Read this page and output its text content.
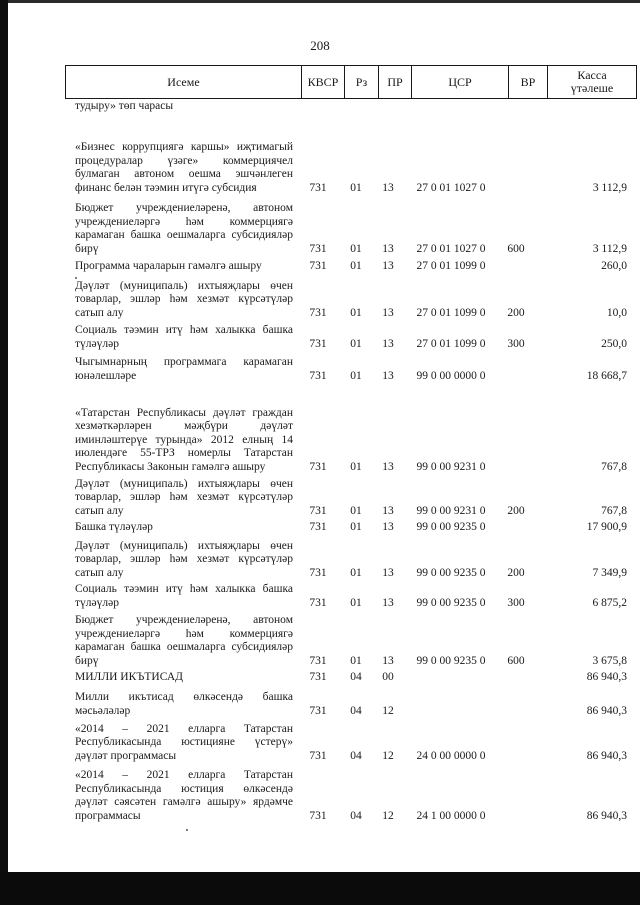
208
Исеме	КВСР	Рз	ПР	ЦСР	ВР	Касса
үтәлеше
тудыру» төп чарасы
«Бизнес коррупциягә каршы» иҗтимагый процедуралар үзәге» коммерциячел булмаган автоном оешма эшчәнлеген финанс белән тәэмин итүгә субсидия	731	01	13	27 0 01 1027 0	3 112,9
Бюджет учреждениеләренә, автоном учреждениеләргә һәм коммерциягә карамаган башка оешмаларга субсидияләр бирү	731	01	13	27 0 01 1027 0	600	3 112,9
Программа чараларын гамәлгә ашыру	731	01	13	27 0 01 1099 0	260,0
Дәүләт (муниципаль) ихтыяҗлары өчен товарлар, эшләр һәм хезмәт күрсәтүләр сатып алу	731	01	13	27 0 01 1099 0	200	10,0
Социаль тәэмин итү һәм халыкка башка түләүләр	731	01	13	27 0 01 1099 0	300	250,0
Чыгымнарның программага карамаган юнәлешләре	731	01	13	99 0 00 0000 0	18 668,7
«Татарстан Республикасы дәүләт граждан хезмәткәрләрен мәҗбүри дәүләт иминләштерүе турында» 2012 елның 14 июлендәге 55-ТРЗ номерлы Татарстан Республикасы Законын гамәлгә ашыру	731	01	13	99 0 00 9231 0	767,8
Дәүләт (муниципаль) ихтыяҗлары өчен товарлар, эшләр һәм хезмәт күрсәтүләр сатып алу	731	01	13	99 0 00 9231 0	200	767,8
Башка түләүләр	731	01	13	99 0 00 9235 0	17 900,9
Дәүләт (муниципаль) ихтыяҗлары өчен товарлар, эшләр һәм хезмәт күрсәтүләр сатып алу	731	01	13	99 0 00 9235 0	200	7 349,9
Социаль тәэмин итү һәм халыкка башка түләүләр	731	01	13	99 0 00 9235 0	300	6 875,2
Бюджет учреждениеләренә, автоном учреждениеләргә һәм коммерциягә карамаган башка оешмаларга субсидияләр бирү	731	01	13	99 0 00 9235 0	600	3 675,8
МИЛЛИ ИКЪТИСАД	731	04	00	86 940,3
Милли икътисад өлкәсендә башка мәсьәләләр	731	04	12	86 940,3
«2014 – 2021 елларга Татарстан Республикасында юстицияне үстерү» дәүләт программасы	731	04	12	24 0 00 0000 0	86 940,3
«2014 – 2021 елларга Татарстан Республикасында юстиция өлкәсендә дәүләт сәясәтен гамәлгә ашыру» ярдәмче программасы	731	04	12	24 1 00 0000 0	86 940,3
